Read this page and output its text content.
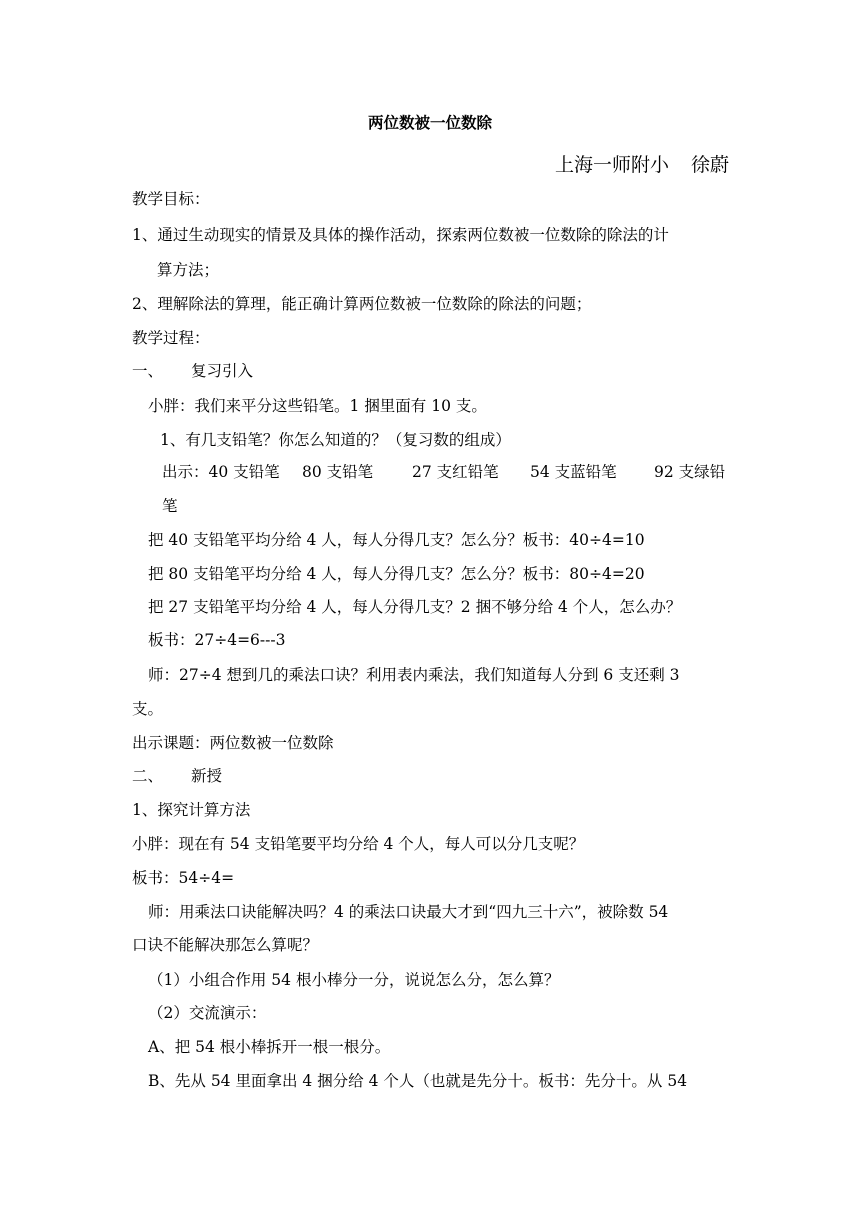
两位数被一位数除
上海一师附小 徐蔚
教学目标：
1、通过生动现实的情景及具体的操作活动，探索两位数被一位数除的除法的计
算方法；
2、理解除法的算理，能正确计算两位数被一位数除的除法的问题；
教学过程：
一、 复习引入
小胖：我们来平分这些铅笔。1 捆里面有 10 支。
1、有几支铅笔？你怎么知道的？（复习数的组成）
出示：40 支铅笔 80 支铅笔	27 支红铅笔 54 支蓝铅笔 92 支绿铅
笔
把 40 支铅笔平均分给 4 人，每人分得几支？怎么分？板书：40÷4=10
把 80 支铅笔平均分给 4 人，每人分得几支？怎么分？板书：80÷4=20
把 27 支铅笔平均分给 4 人，每人分得几支？2 捆不够分给 4 个人，怎么办？
板书：27÷4=6---3
师：27÷4 想到几的乘法口诀？利用表内乘法，我们知道每人分到 6 支还剩 3
支。
出示课题：两位数被一位数除
二、 新授
1、探究计算方法
小胖：现在有 54 支铅笔要平均分给 4 个人，每人可以分几支呢？
板书：54÷4=
师：用乘法口诀能解决吗？4 的乘法口诀最大才到“四九三十六”，被除数 54
口诀不能解决那怎么算呢？
（1）小组合作用 54 根小棒分一分，说说怎么分，怎么算？
（2）交流演示：
A、把 54 根小棒拆开一根一根分。
B、先从 54 里面拿出 4 捆分给 4 个人（也就是先分十。板书：先分十。从 54
